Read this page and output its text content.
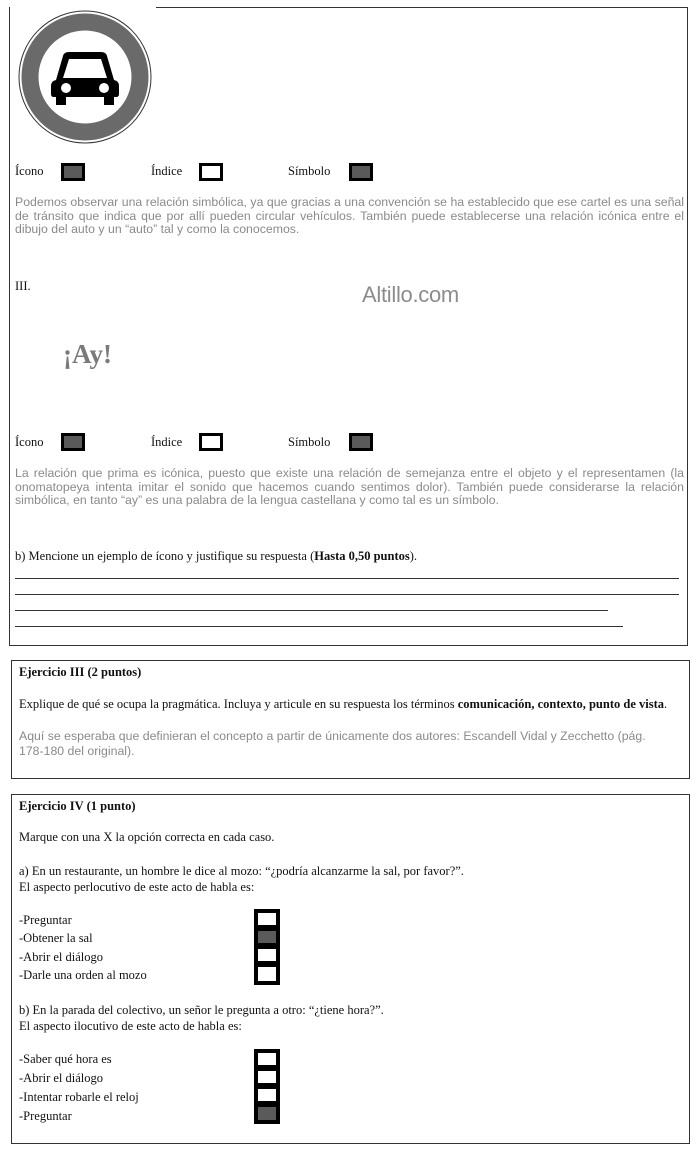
Ícono	Índice	Símbolo
Podemos observar una relación simbólica, ya que gracias a una convención se ha establecido que ese cartel es una señal de tránsito que indica que por allí pueden circular vehículos. También puede establecerse una relación icónica entre el dibujo del auto y un “auto” tal y como la conocemos.
III.	Altillo.com
¡Ay!
Ícono	Índice	Símbolo
La relación que prima es icónica, puesto que existe una relación de semejanza entre el objeto y el representamen (la onomatopeya intenta imitar el sonido que hacemos cuando sentimos dolor). También puede considerarse la relación simbólica, en tanto “ay” es una palabra de la lengua castellana y como tal es un símbolo.
b) Mencione un ejemplo de ícono y justifique su respuesta (Hasta 0,50 puntos).
Ejercicio III (2 puntos)
Explique de qué se ocupa la pragmática. Incluya y articule en su respuesta los términos comunicación, contexto, punto de vista.
Aquí se esperaba que definieran el concepto a partir de únicamente dos autores: Escandell Vidal y Zecchetto (pág. 178-180 del original).
Ejercicio IV (1 punto)
Marque con una X la opción correcta en cada caso.
a) En un restaurante, un hombre le dice al mozo: “¿podría alcanzarme la sal, por favor?”.
El aspecto perlocutivo de este acto de habla es:
-Preguntar
-Obtener la sal
-Abrir el diálogo
-Darle una orden al mozo
b) En la parada del colectivo, un señor le pregunta a otro: “¿tiene hora?”.
El aspecto ilocutivo de este acto de habla es:
-Saber qué hora es
-Abrir el diálogo
-Intentar robarle el reloj
-Preguntar
